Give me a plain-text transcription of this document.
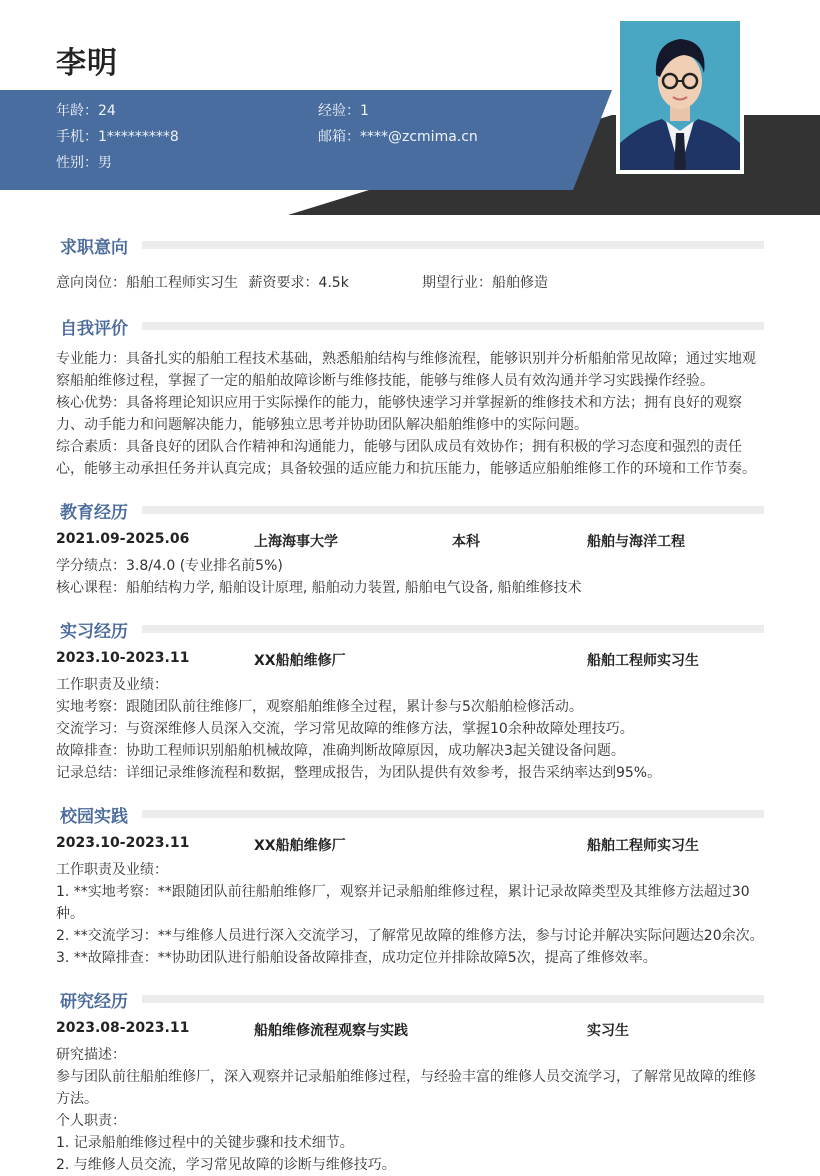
李明
年龄：24	经验：1
手机：1*********8	邮箱：****@zcmima.cn
性别：男
求职意向
意向岗位：船舶工程师实习生 薪资要求：4.5k	期望行业：船舶修造
自我评价
专业能力：具备扎实的船舶工程技术基础，熟悉船舶结构与维修流程，能够识别并分析船舶常见故障；通过实地观
察船舶维修过程，掌握了一定的船舶故障诊断与维修技能，能够与维修人员有效沟通并学习实践操作经验。
核心优势：具备将理论知识应用于实际操作的能力，能够快速学习并掌握新的维修技术和方法；拥有良好的观察
力、动手能力和问题解决能力，能够独立思考并协助团队解决船舶维修中的实际问题。
综合素质：具备良好的团队合作精神和沟通能力，能够与团队成员有效协作；拥有积极的学习态度和强烈的责任
心，能够主动承担任务并认真完成；具备较强的适应能力和抗压能力，能够适应船舶维修工作的环境和工作节奏。
教育经历
2021.09-2025.06	上海海事大学	本科	船舶与海洋工程
学分绩点：3.8/4.0 (专业排名前5%)
核心课程：船舶结构力学, 船舶设计原理, 船舶动力装置, 船舶电气设备, 船舶维修技术
实习经历
2023.10-2023.11	XX船舶维修厂	船舶工程师实习生
工作职责及业绩：
实地考察：跟随团队前往维修厂，观察船舶维修全过程，累计参与5次船舶检修活动。
交流学习：与资深维修人员深入交流，学习常见故障的维修方法，掌握10余种故障处理技巧。
故障排查：协助工程师识别船舶机械故障，准确判断故障原因，成功解决3起关键设备问题。
记录总结：详细记录维修流程和数据，整理成报告，为团队提供有效参考，报告采纳率达到95%。
校园实践
2023.10-2023.11	XX船舶维修厂	船舶工程师实习生
工作职责及业绩：
1. **实地考察：**跟随团队前往船舶维修厂，观察并记录船舶维修过程，累计记录故障类型及其维修方法超过30
种。
2. **交流学习：**与维修人员进行深入交流学习，了解常见故障的维修方法，参与讨论并解决实际问题达20余次。
3. **故障排查：**协助团队进行船舶设备故障排查，成功定位并排除故障5次，提高了维修效率。
研究经历
2023.08-2023.11	船舶维修流程观察与实践	实习生
研究描述：
参与团队前往船舶维修厂，深入观察并记录船舶维修过程，与经验丰富的维修人员交流学习，了解常见故障的维修
方法。
个人职责：
1. 记录船舶维修过程中的关键步骤和技术细节。
2. 与维修人员交流，学习常见故障的诊断与维修技巧。
